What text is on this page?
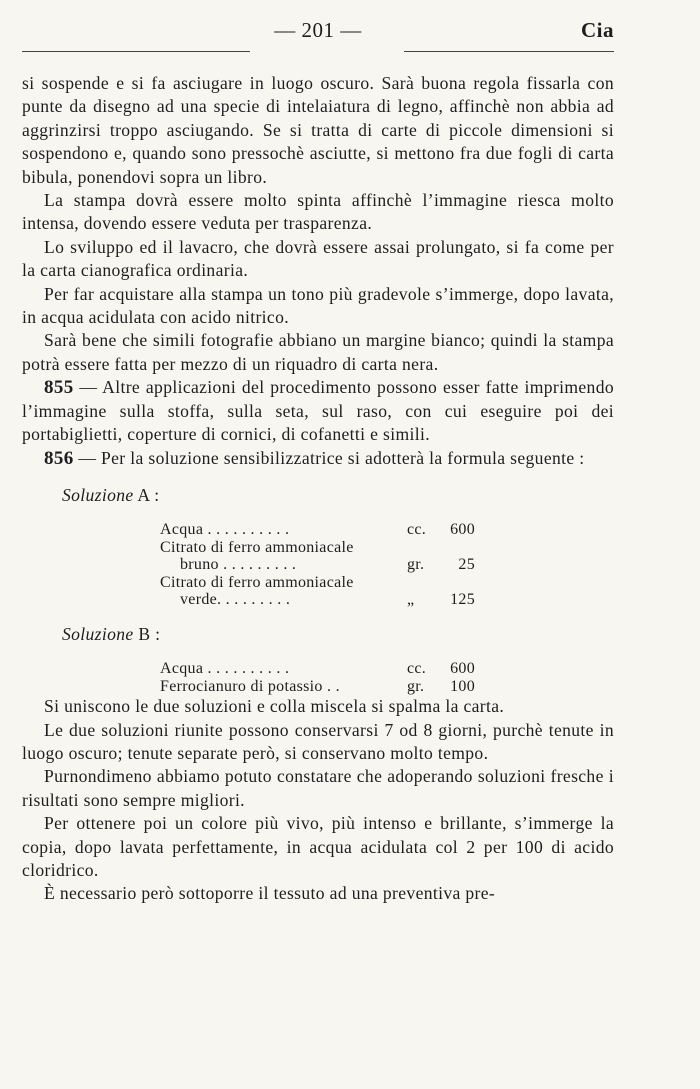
— 201 —	Cia

si sospende e si fa asciugare in luogo oscuro. Sarà buona regola fissarla con punte da disegno ad una specie di intelaiatura di legno, affinchè non abbia ad aggrinzirsi troppo asciugando. Se si tratta di carte di piccole dimensioni si sospendono e, quando sono pressochè asciutte, si mettono fra due fogli di carta bibula, ponendovi sopra un libro.

La stampa dovrà essere molto spinta affinchè l’immagine riesca molto intensa, dovendo essere veduta per trasparenza.

Lo sviluppo ed il lavacro, che dovrà essere assai prolungato, si fa come per la carta cianografica ordinaria.

Per far acquistare alla stampa un tono più gradevole s’immerge, dopo lavata, in acqua acidulata con acido nitrico.

Sarà bene che simili fotografie abbiano un margine bianco; quindi la stampa potrà essere fatta per mezzo di un riquadro di carta nera.

855 — Altre applicazioni del procedimento possono esser fatte imprimendo l’immagine sulla stoffa, sulla seta, sul raso, con cui eseguire poi dei portabiglietti, coperture di cornici, di cofanetti e simili.

856 — Per la soluzione sensibilizzatrice si adotterà la formula seguente :

Soluzione A :
Acqua . . . . . . . . . .	cc.	600
Citrato di ferro ammoniacale
bruno . . . . . . . . .	gr.	25
Citrato di ferro ammoniacale
verde. . . . . . . . .	„	125
Soluzione B :
Acqua . . . . . . . . . .	cc.	600
Ferrocianuro di potassio . .	gr.	100

Si uniscono le due soluzioni e colla miscela si spalma la carta.

Le due soluzioni riunite possono conservarsi 7 od 8 giorni, purchè tenute in luogo oscuro; tenute separate però, si conservano molto tempo.

Purnondimeno abbiamo potuto constatare che adoperando soluzioni fresche i risultati sono sempre migliori.

Per ottenere poi un colore più vivo, più intenso e brillante, s’immerge la copia, dopo lavata perfettamente, in acqua acidulata col 2 per 100 di acido cloridrico.

È necessario però sottoporre il tessuto ad una preventiva pre-
